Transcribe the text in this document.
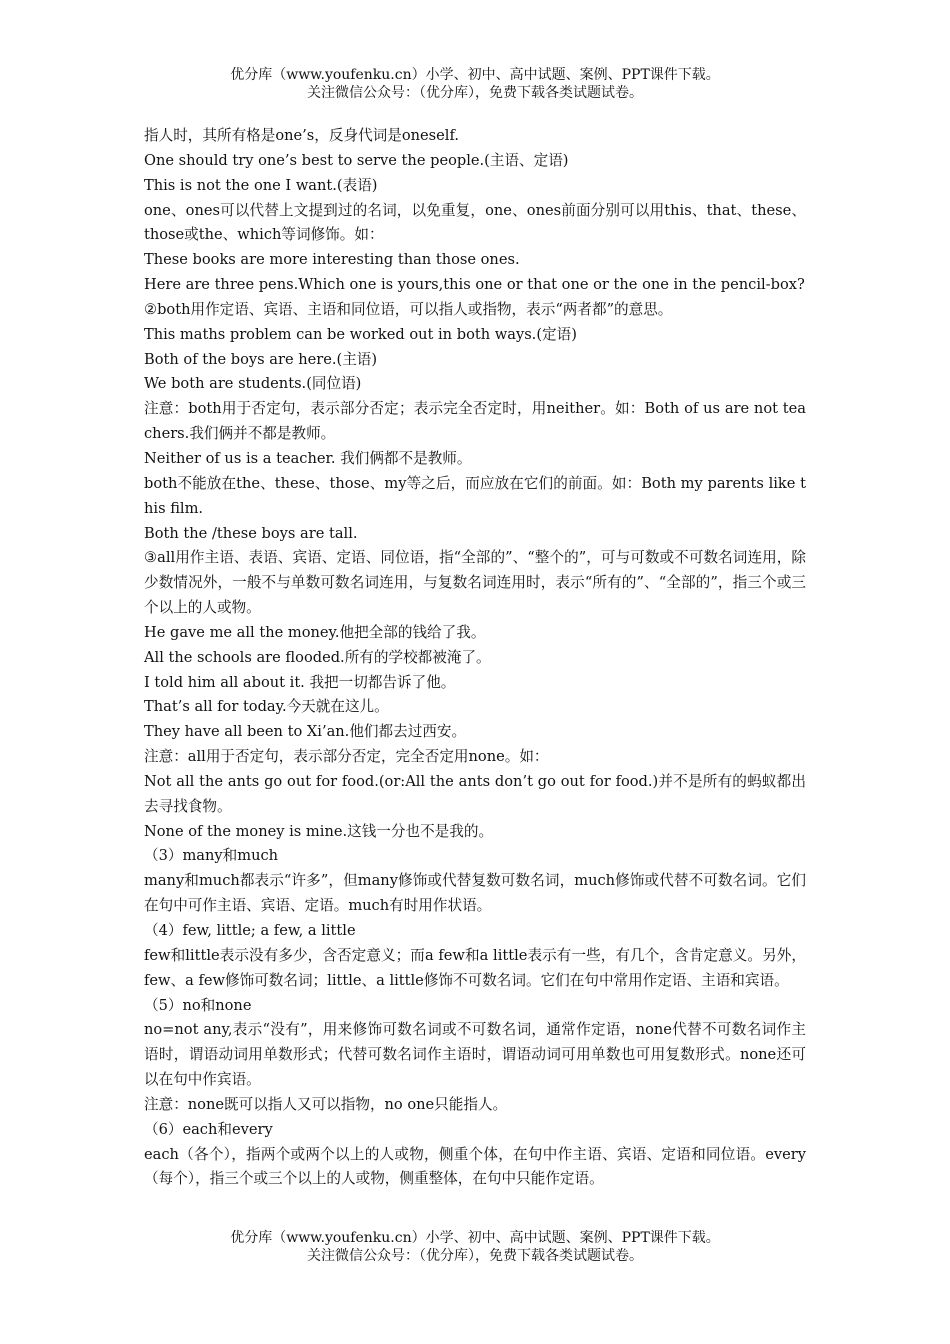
优分库（www.youfenku.cn）小学、初中、高中试题、案例、PPT课件下载。
关注微信公众号：（优分库），免费下载各类试题试卷。

指人时，其所有格是one’s，反身代词是oneself.

One should try one’s best to serve the people.(主语、定语)

This is not the one I want.(表语)

one、ones可以代替上文提到过的名词，以免重复，one、ones前面分别可以用this、that、these、those或the、which等词修饰。如：

These books are more interesting than those ones.

Here are three pens.Which one is yours,this one or that one or the one in the pencil-box?

②both用作定语、宾语、主语和同位语，可以指人或指物，表示“两者都”的意思。

This maths problem can be worked out in both ways.(定语)

Both of the boys are here.(主语)

We both are students.(同位语)

注意：both用于否定句，表示部分否定；表示完全否定时，用neither。如：Both of us are not teachers.我们俩并不都是教师。

Neither of us is a teacher. 我们俩都不是教师。

both不能放在the、these、those、my等之后，而应放在它们的前面。如：Both my parents like this film.

Both the /these boys are tall.

③all用作主语、表语、宾语、定语、同位语，指“全部的”、“整个的”，可与可数或不可数名词连用，除少数情况外，一般不与单数可数名词连用，与复数名词连用时，表示“所有的”、“全部的”，指三个或三个以上的人或物。

He gave me all the money.他把全部的钱给了我。

All the schools are flooded.所有的学校都被淹了。

I told him all about it. 我把一切都告诉了他。

That’s all for today.今天就在这儿。

They have all been to Xi’an.他们都去过西安。

注意：all用于否定句，表示部分否定，完全否定用none。如：

Not all the ants go out for food.(or:All the ants don’t go out for food.)并不是所有的蚂蚁都出去寻找食物。

None of the money is mine.这钱一分也不是我的。

（3）many和much

many和much都表示“许多”，但many修饰或代替复数可数名词，much修饰或代替不可数名词。它们在句中可作主语、宾语、定语。much有时用作状语。

（4）few, little; a few, a little

few和little表示没有多少，含否定意义；而a few和a little表示有一些，有几个，含肯定意义。另外，few、a few修饰可数名词；little、a little修饰不可数名词。它们在句中常用作定语、主语和宾语。

（5）no和none

no=not any,表示“没有”，用来修饰可数名词或不可数名词，通常作定语，none代替不可数名词作主语时，谓语动词用单数形式；代替可数名词作主语时，谓语动词可用单数也可用复数形式。none还可以在句中作宾语。

注意：none既可以指人又可以指物，no one只能指人。

（6）each和every

each（各个），指两个或两个以上的人或物，侧重个体，在句中作主语、宾语、定语和同位语。every（每个），指三个或三个以上的人或物，侧重整体，在句中只能作定语。

优分库（www.youfenku.cn）小学、初中、高中试题、案例、PPT课件下载。
关注微信公众号：（优分库），免费下载各类试题试卷。
